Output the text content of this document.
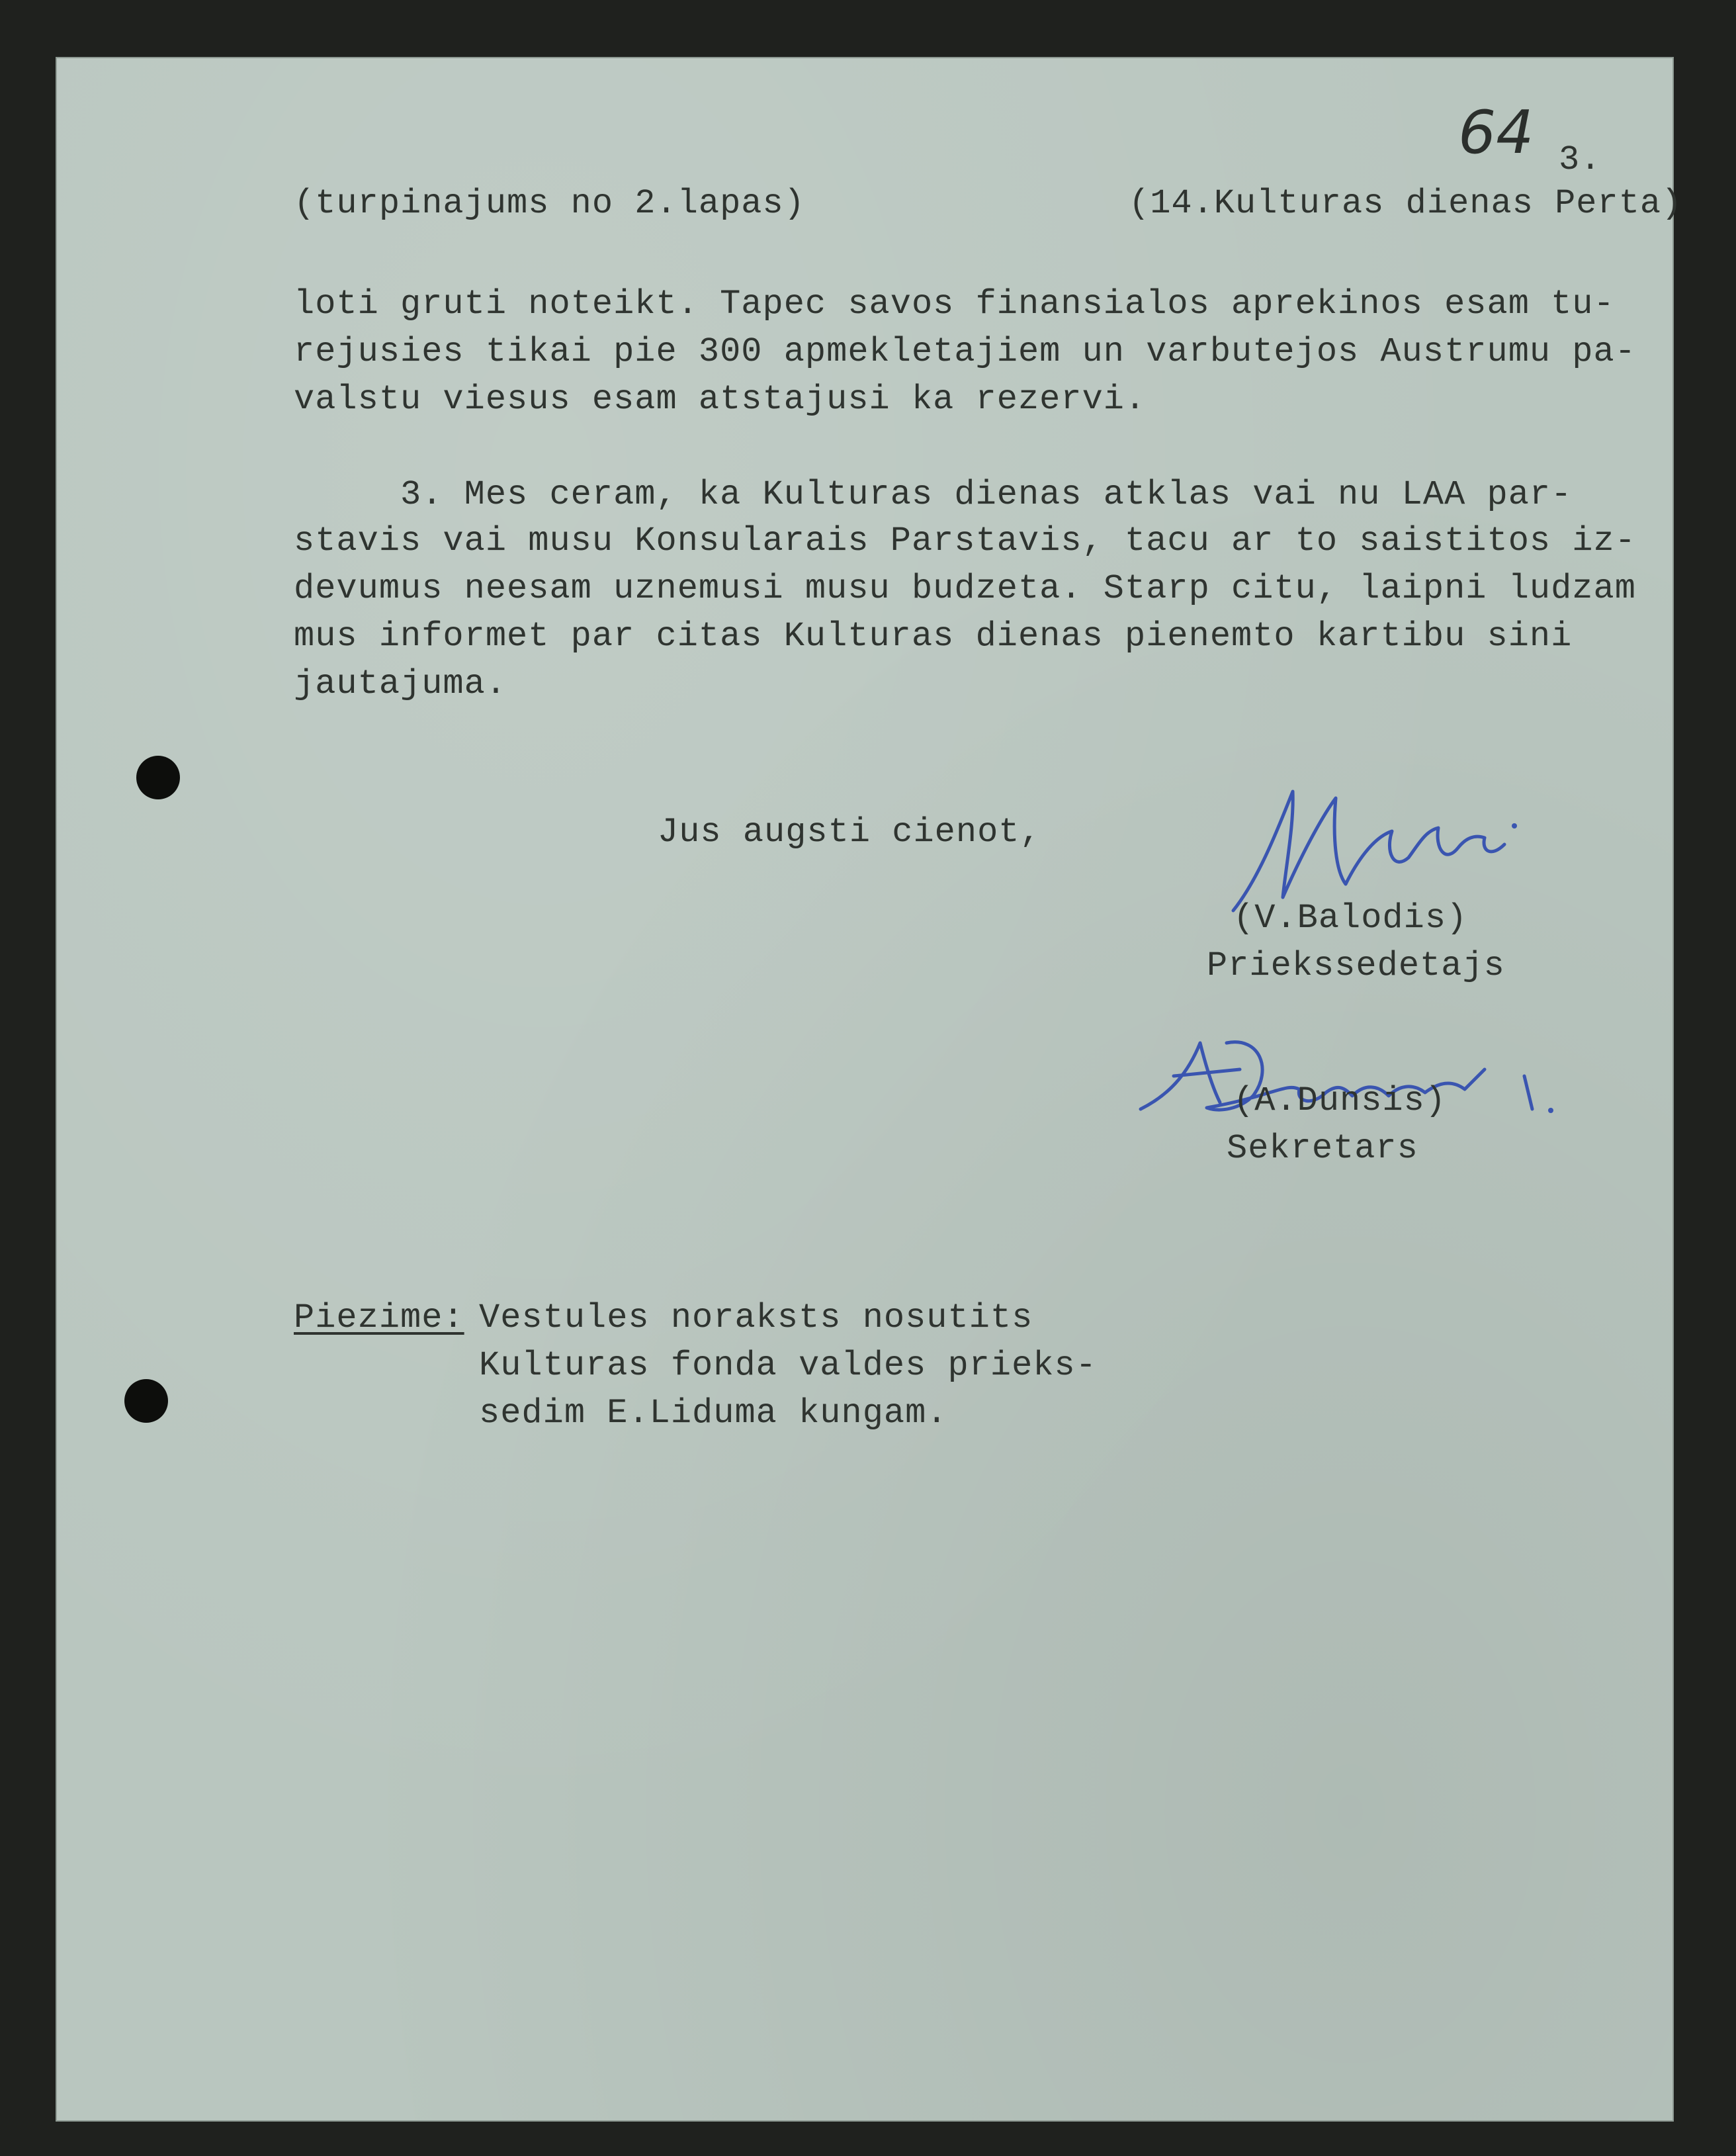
64 3.

(turpinajums no 2.lapas)	(14.Kulturas dienas Perta)

loti gruti noteikt. Tapec savos finansialos aprekinos esam tu-

rejusies tikai pie 300 apmekletajiem un varbutejos Austrumu pa-

valstu viesus esam atstajusi ka rezervi.

3. Mes ceram, ka Kulturas dienas atklas vai nu LAA par-

stavis vai musu Konsularais Parstavis, tacu ar to saistitos iz-

devumus neesam uznemusi musu budzeta. Starp citu, laipni ludzam

mus informet par citas Kulturas dienas pienemto kartibu sini

jautajuma.

Jus augsti cienot,

(V.Balodis)

Priekssedetajs

(A.Dunsis)

Sekretars

Piezime: Vestules noraksts nosutits

Kulturas fonda valdes prieks-

sedim E.Liduma kungam.
